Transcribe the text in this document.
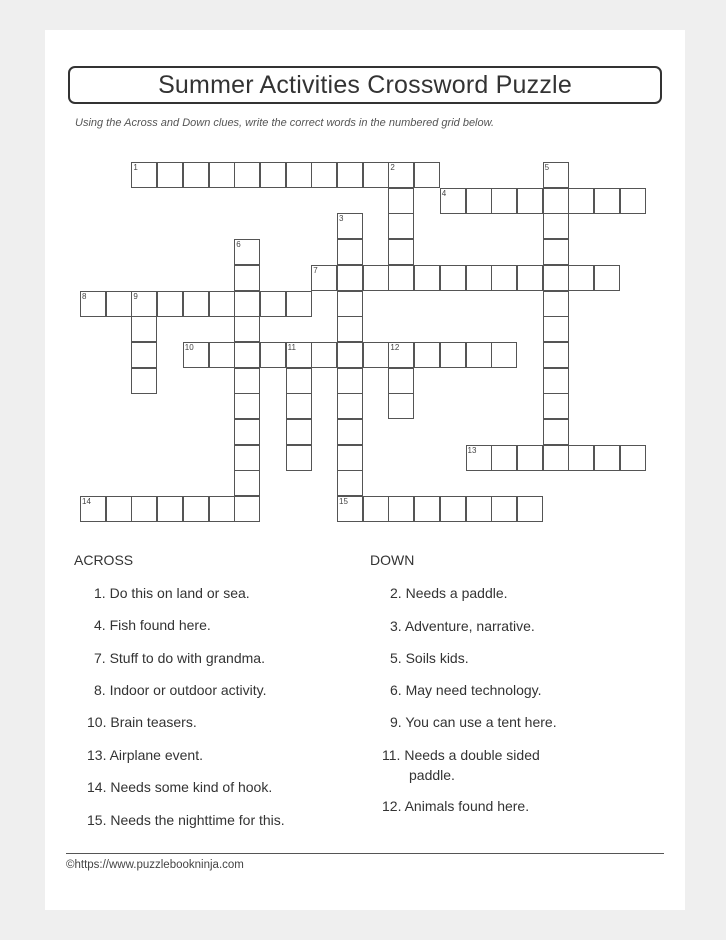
Summer Activities Crossword Puzzle
Using the Across and Down clues, write the correct words in the numbered grid below.
1	2
4
7
8	9
10	11	12
13
14	15
3
5
6
ACROSS	DOWN
1. Do this on land or sea.
4. Fish found here.
7. Stuff to do with grandma.
8. Indoor or outdoor activity.
10. Brain teasers.
13. Airplane event.
14. Needs some kind of hook.
15. Needs the nighttime for this.
2. Needs a paddle.
3. Adventure, narrative.
5. Soils kids.
6. May need technology.
9. You can use a tent here.
11. Needs a double sided
paddle.
12. Animals found here.
©https://www.puzzlebookninja.com
